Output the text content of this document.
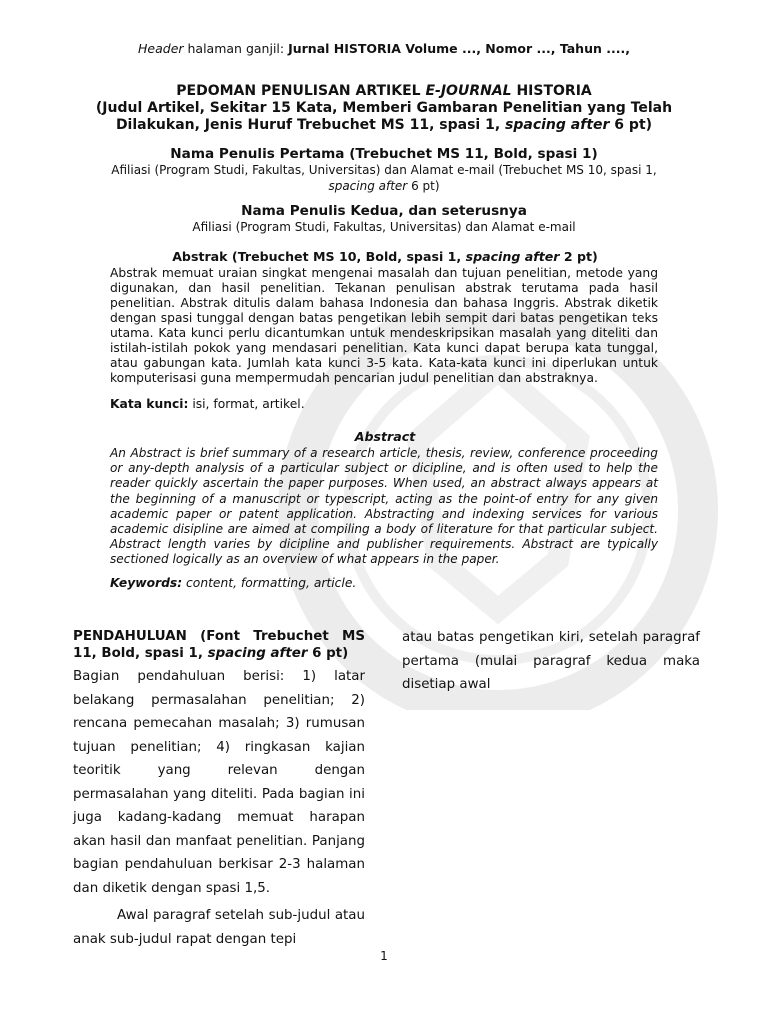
Header halaman ganjil: Jurnal HISTORIA Volume ..., Nomor ..., Tahun ....,
PEDOMAN PENULISAN ARTIKEL E-JOURNAL HISTORIA
(Judul Artikel, Sekitar 15 Kata, Memberi Gambaran Penelitian yang Telah
Dilakukan, Jenis Huruf Trebuchet MS 11, spasi 1, spacing after 6 pt)
Nama Penulis Pertama (Trebuchet MS 11, Bold, spasi 1)
Afiliasi (Program Studi, Fakultas, Universitas) dan Alamat e-mail (Trebuchet MS 10, spasi 1,
spacing after 6 pt)
Nama Penulis Kedua, dan seterusnya
Afiliasi (Program Studi, Fakultas, Universitas) dan Alamat e-mail
Abstrak (Trebuchet MS 10, Bold, spasi 1, spacing after 2 pt)
Abstrak memuat uraian singkat mengenai masalah dan tujuan penelitian, metode yang digunakan, dan hasil penelitian. Tekanan penulisan abstrak terutama pada hasil penelitian. Abstrak ditulis dalam bahasa Indonesia dan bahasa Inggris. Abstrak diketik dengan spasi tunggal dengan batas pengetikan lebih sempit dari batas pengetikan teks utama. Kata kunci perlu dicantumkan untuk mendeskripsikan masalah yang diteliti dan istilah-istilah pokok yang mendasari penelitian. Kata kunci dapat berupa kata tunggal, atau gabungan kata. Jumlah kata kunci 3-5 kata. Kata-kata kunci ini diperlukan untuk komputerisasi guna mempermudah pencarian judul penelitian dan abstraknya.
Kata kunci: isi, format, artikel.
Abstract
An Abstract is brief summary of a research article, thesis, review, conference proceeding or any-depth analysis of a particular subject or dicipline, and is often used to help the reader quickly ascertain the paper purposes. When used, an abstract always appears at the beginning of a manuscript or typescript, acting as the point-of entry for any given academic paper or patent application. Abstracting and indexing services for various academic disipline are aimed at compiling a body of literature for that particular subject. Abstract length varies by dicipline and publisher requirements. Abstract are typically sectioned logically as an overview of what appears in the paper.
Keywords: content, formatting, article.

PENDAHULUAN (Font Trebuchet MS 11, Bold, spasi 1, spacing after 6 pt)

Bagian pendahuluan berisi: 1) latar belakang permasalahan penelitian; 2) rencana pemecahan masalah; 3) rumusan tujuan penelitian; 4) ringkasan kajian teoritik yang relevan dengan permasalahan yang diteliti. Pada bagian ini juga kadang-kadang memuat harapan akan hasil dan manfaat penelitian. Panjang bagian pendahuluan berkisar 2-3 halaman dan diketik dengan spasi 1,5.

Awal paragraf setelah sub-judul atau anak sub-judul rapat dengan tepi

atau batas pengetikan kiri, setelah paragraf pertama (mulai paragraf kedua maka disetiap awal

1
